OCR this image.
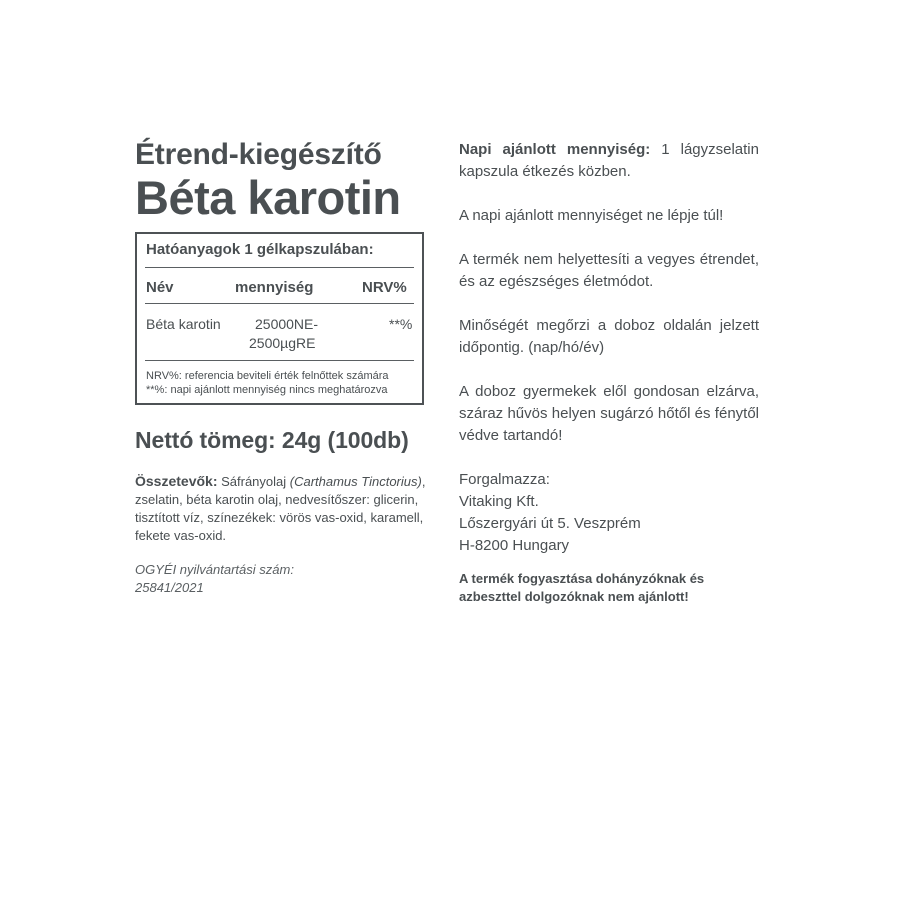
Étrend-kiegészítő
Béta karotin
Hatóanyagok 1 gélkapszulában:
Név	mennyiség	NRV%
Béta karotin 25000NE-
2500µgRE
**%
NRV%: referencia beviteli érték felnőttek számára
**%: napi ajánlott mennyiség nincs meghatározva
Nettó tömeg: 24g (100db)
Összetevők: Sáfrányolaj (Carthamus Tinctorius), zselatin, béta karotin olaj, nedvesítőszer: glicerin, tisztított víz, színezékek: vörös vas-oxid, karamell, fekete vas-oxid.
OGYÉI nyilvántartási szám:
25841/2021

Napi ajánlott mennyiség: 1 lágyzselatin kapszula étkezés közben.

A napi ajánlott mennyiséget ne lépje túl!

A termék nem helyettesíti a vegyes étrendet, és az egészséges életmódot.

Minőségét megőrzi a doboz oldalán jelzett időpontig. (nap/hó/év)

A doboz gyermekek elől gondosan elzárva, száraz hűvös helyen sugárzó hőtől és fénytől védve tartandó!

Forgalmazza:

Vitaking Kft.

Lőszergyári út 5. Veszprém

H-8200 Hungary

A termék fogyasztása dohányzóknak és azbeszttel dolgozóknak nem ajánlott!
